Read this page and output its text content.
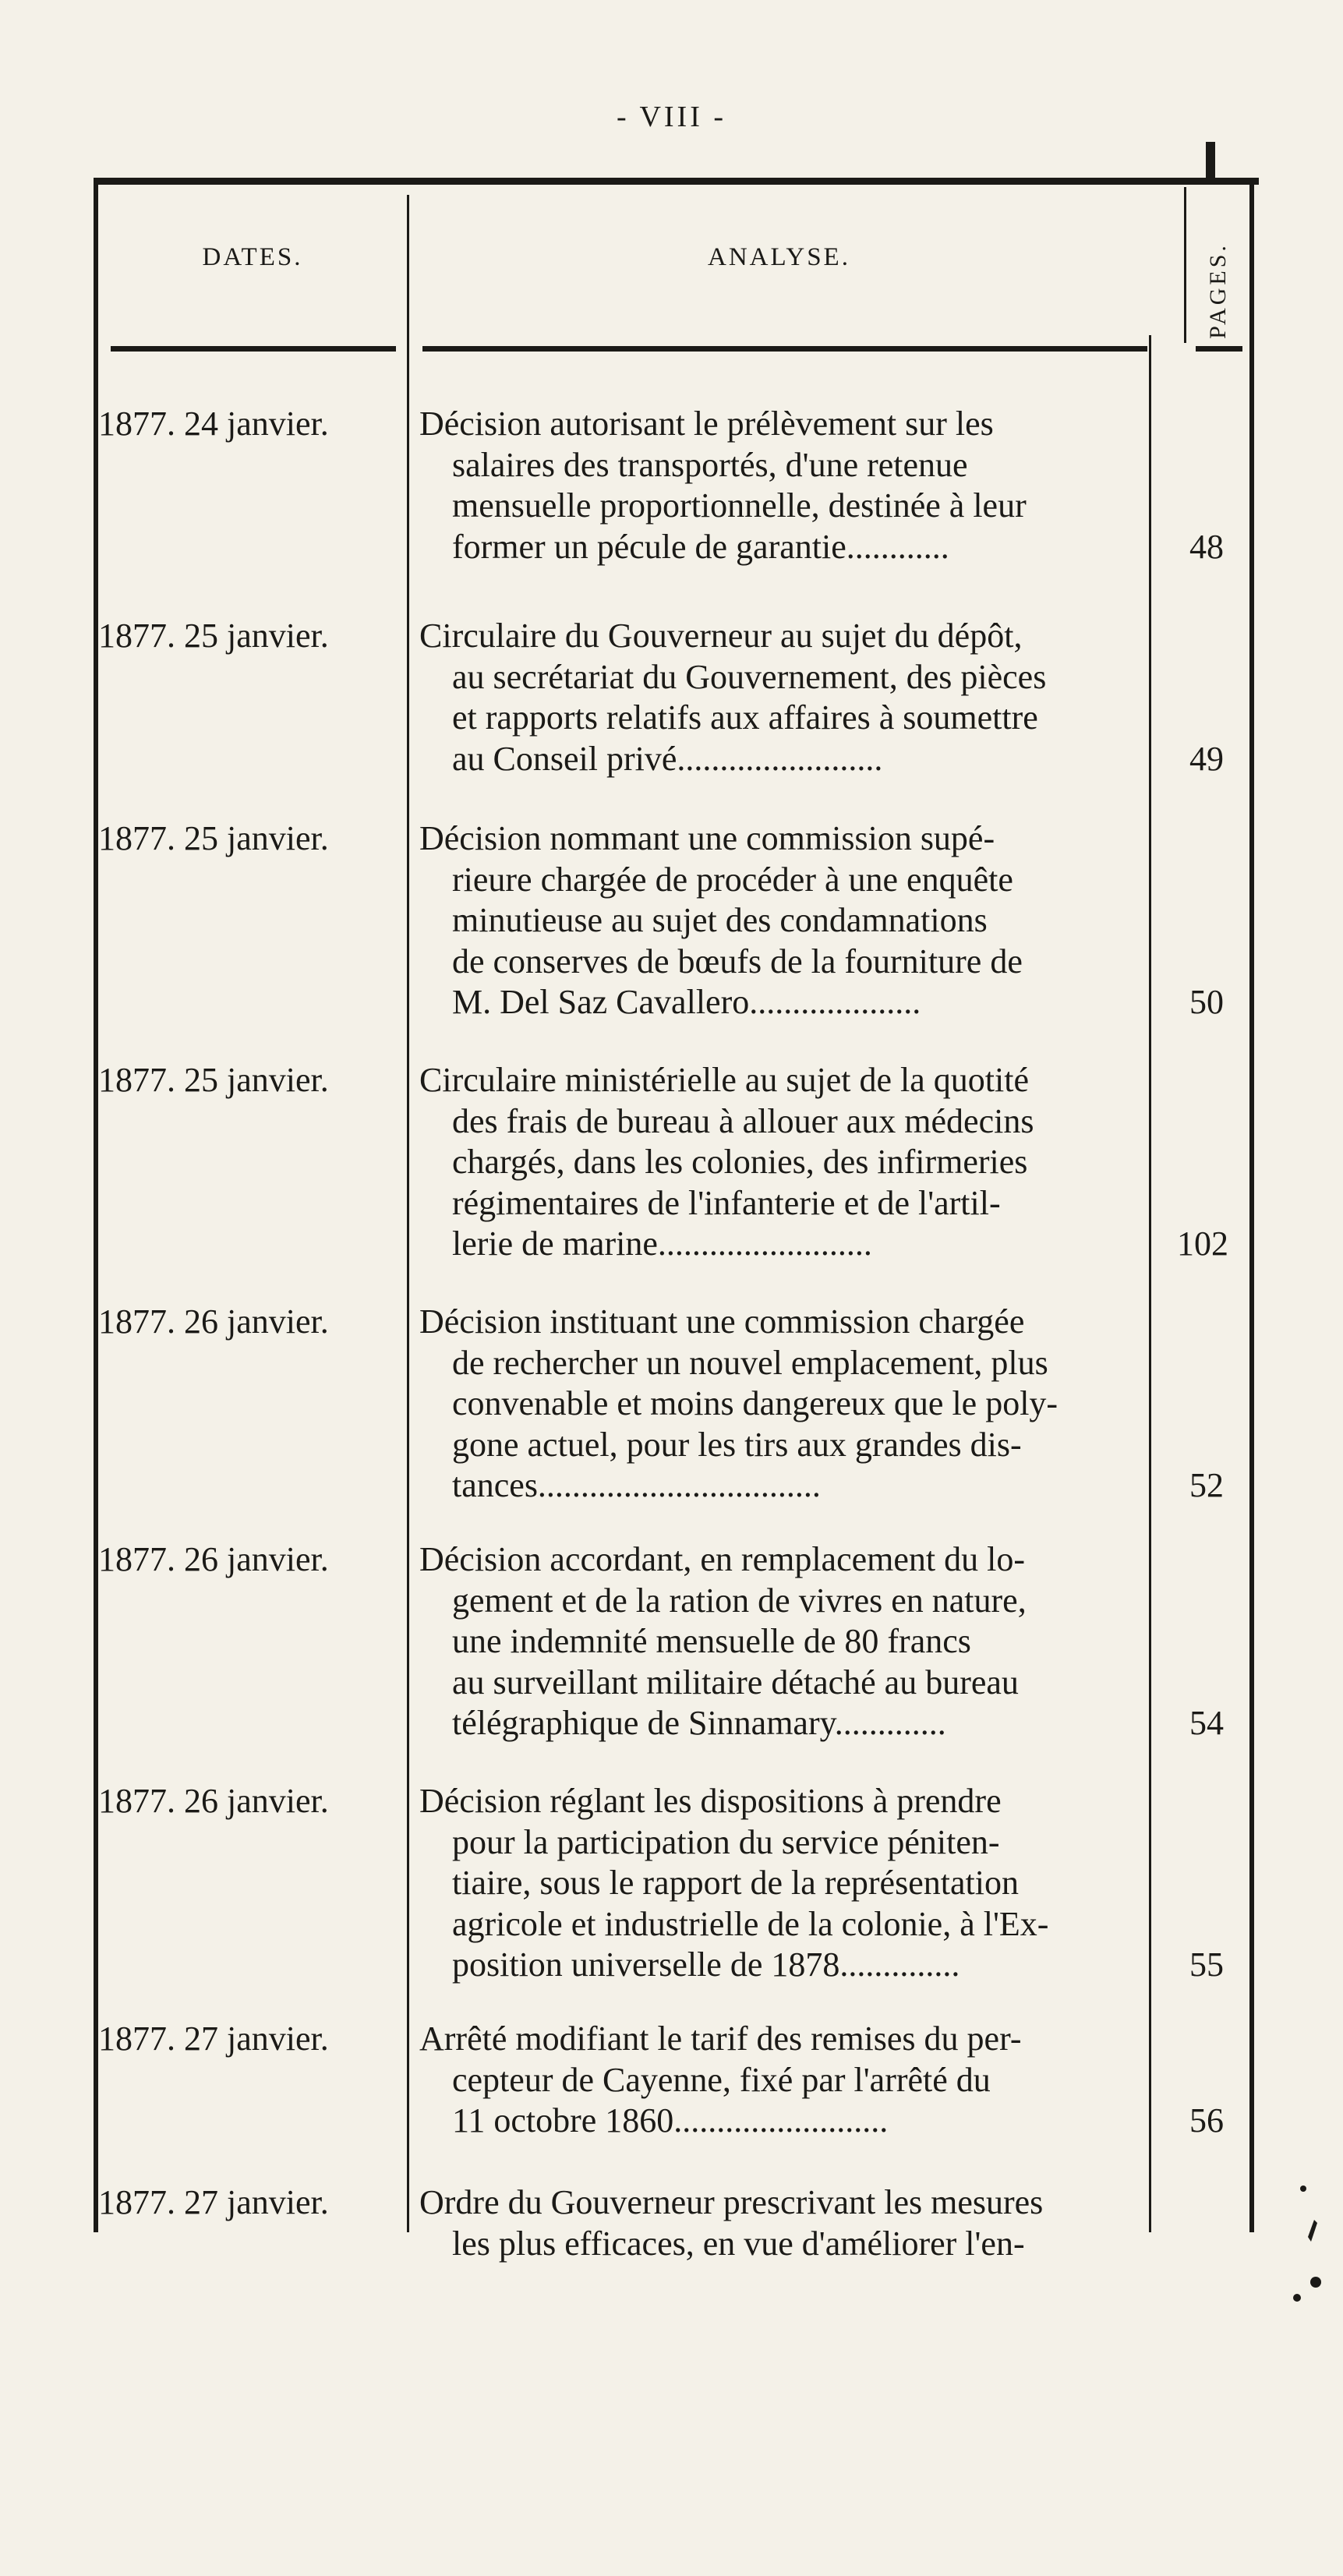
- VIII -
DATES.	ANALYSE.	PAGES.
1877. 24 janvier.	Décision autorisant le prélèvement sur les
salaires des transportés, d'une retenue
mensuelle proportionnelle, destinée à leur
former un pécule de garantie............	48
1877. 25 janvier.	Circulaire du Gouverneur au sujet du dépôt,
au secrétariat du Gouvernement, des pièces
et rapports relatifs aux affaires à soumettre
au Conseil privé........................	49
1877. 25 janvier.	Décision nommant une commission supé-
rieure chargée de procéder à une enquête
minutieuse au sujet des condamnations
de conserves de bœufs de la fourniture de
M. Del Saz Cavallero....................	50
1877. 25 janvier.	Circulaire ministérielle au sujet de la quotité
des frais de bureau à allouer aux médecins
chargés, dans les colonies, des infirmeries
régimentaires de l'infanterie et de l'artil-
lerie de marine.........................	102
1877. 26 janvier.	Décision instituant une commission chargée
de rechercher un nouvel emplacement, plus
convenable et moins dangereux que le poly-
gone actuel, pour les tirs aux grandes dis-
tances.................................	52
1877. 26 janvier.	Décision accordant, en remplacement du lo-
gement et de la ration de vivres en nature,
une indemnité mensuelle de 80 francs
au surveillant militaire détaché au bureau
télégraphique de Sinnamary.............	54
1877. 26 janvier.	Décision réglant les dispositions à prendre
pour la participation du service péniten-
tiaire, sous le rapport de la représentation
agricole et industrielle de la colonie, à l'Ex-
position universelle de 1878..............	55
1877. 27 janvier.	Arrêté modifiant le tarif des remises du per-
cepteur de Cayenne, fixé par l'arrêté du
11 octobre 1860.........................	56
1877. 27 janvier.	Ordre du Gouverneur prescrivant les mesures
les plus efficaces, en vue d'améliorer l'en-
